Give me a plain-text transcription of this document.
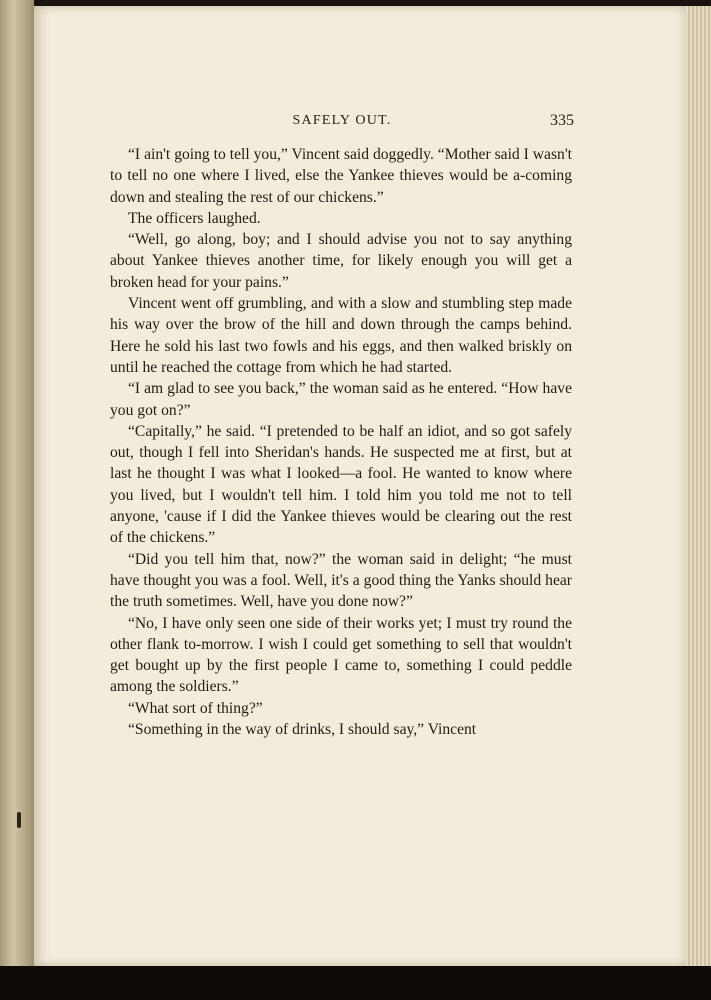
SAFELY OUT.	335

“I ain't going to tell you,” Vincent said doggedly. “Mother said I wasn't to tell no one where I lived, else the Yankee thieves would be a-coming down and stealing the rest of our chickens.”

The officers laughed.

“Well, go along, boy; and I should advise you not to say anything about Yankee thieves another time, for likely enough you will get a broken head for your pains.”

Vincent went off grumbling, and with a slow and stumbling step made his way over the brow of the hill and down through the camps behind. Here he sold his last two fowls and his eggs, and then walked briskly on until he reached the cottage from which he had started.

“I am glad to see you back,” the woman said as he entered. “How have you got on?”

“Capitally,” he said. “I pretended to be half an idiot, and so got safely out, though I fell into Sheridan's hands. He suspected me at first, but at last he thought I was what I looked—a fool. He wanted to know where you lived, but I wouldn't tell him. I told him you told me not to tell anyone, 'cause if I did the Yankee thieves would be clearing out the rest of the chickens.”

“Did you tell him that, now?” the woman said in delight; “he must have thought you was a fool. Well, it's a good thing the Yanks should hear the truth sometimes. Well, have you done now?”

“No, I have only seen one side of their works yet; I must try round the other flank to-morrow. I wish I could get something to sell that wouldn't get bought up by the first people I came to, something I could peddle among the soldiers.”

“What sort of thing?”

“Something in the way of drinks, I should say,” Vincent
